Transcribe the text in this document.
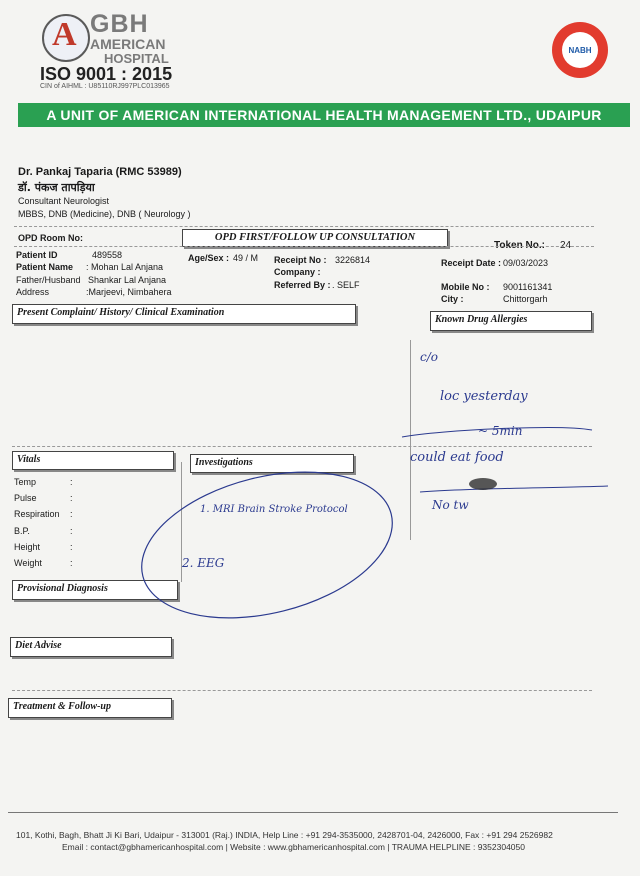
A GBH
AMERICAN
HOSPITAL
ISO 9001 : 2015
CIN of AIHML : U85110RJ997PLC013965
NABH
A UNIT OF AMERICAN INTERNATIONAL HEALTH MANAGEMENT LTD., UDAIPUR
Dr. Pankaj Taparia (RMC 53989)
डॉ. पंकज तापड़िया
Consultant Neurologist
MBBS, DNB (Medicine), DNB ( Neurology )
OPD Room No:	OPD FIRST/FOLLOW UP CONSULTATION
Token No.: 24
Patient ID	489558
Patient Name : Mohan Lal Anjana
Father/Husband Shankar Lal Anjana
Address	:Marjeevi, Nimbahera
Age/Sex : 49 / M Receipt No : 3226814
Company :
Referred By : . SELF
Receipt Date : 09/03/2023
Mobile No : 9001161341
City :	Chittorgarh
Present Complaint/ History/ Clinical Examination
Known Drug Allergies
Vitals	Investigations
Temp	:
Pulse	:
Respiration :
B.P.	:
Height	:
Weight	:
Provisional Diagnosis
Diet Advise
Treatment & Follow-up
c/o
loc yesterday
~ 5min
could eat food
No tw
1. MRI Brain Stroke Protocol
2. EEG
101, Kothi, Bagh, Bhatt Ji Ki Bari, Udaipur - 313001 (Raj.) INDIA, Help Line : +91 294-3535000, 2428701-04, 2426000, Fax : +91 294 2526982
Email : contact@gbhamericanhospital.com | Website : www.gbhamericanhospital.com | TRAUMA HELPLINE : 9352304050
